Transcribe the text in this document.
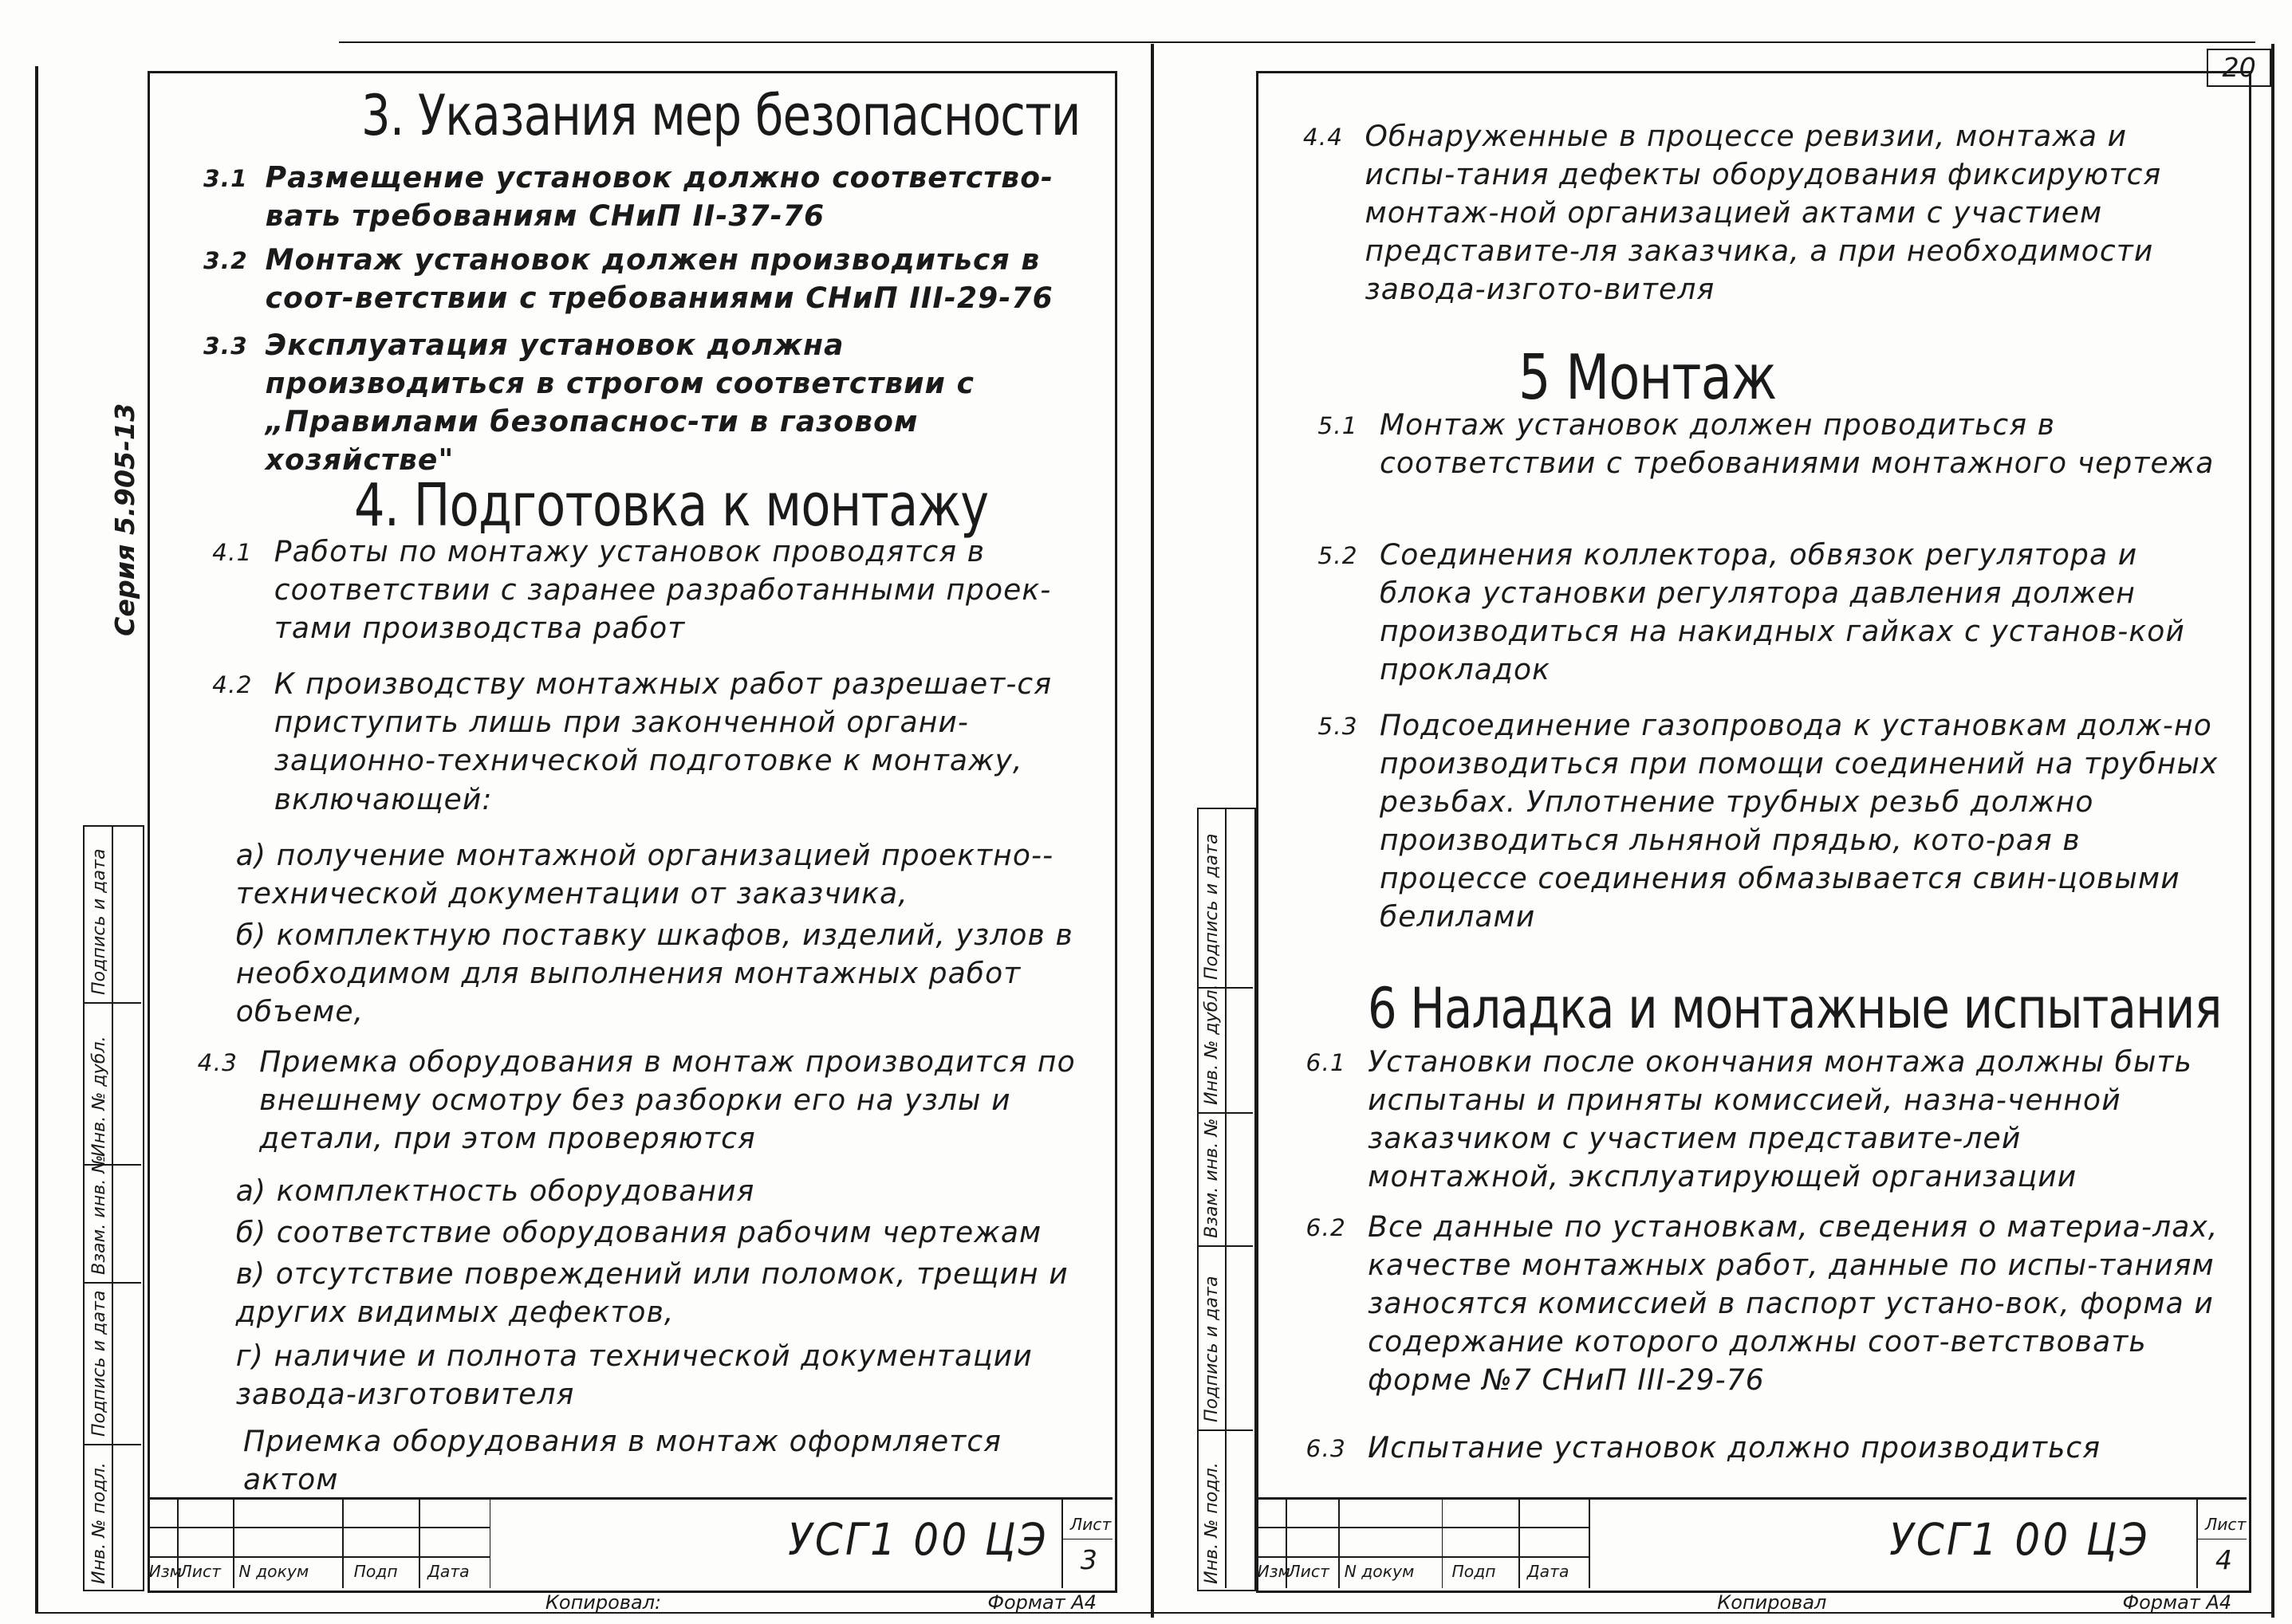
20
Инв. № подл.
Подпись и дата
Взам. инв. №
Инв. № дубл.
Подпись и дата
Серия 5.905-13
3. Указания мер безопасности
3.1 Размещение установок должно соответство-вать требованиям СНиП II-37-76
3.2 Монтаж установок должен производиться в соот-ветствии с требованиями СНиП III-29-76
3.3 Эксплуатация установок должна производиться в строгом соответствии с „Правилами безопаснос-ти в газовом хозяйстве"
4. Подготовка к монтажу
4.1 Работы по монтажу установок проводятся в соответствии с заранее разработанными проек-тами производства работ
4.2 К производству монтажных работ разрешает-ся приступить лишь при законченной органи-зационно-технической подготовке к монтажу, включающей:
а) получение монтажной организацией проектно--технической документации от заказчика,
б) комплектную поставку шкафов, изделий, узлов в необходимом для выполнения монтажных работ объеме,
4.3 Приемка оборудования в монтаж производится по внешнему осмотру без разборки его на узлы и детали, при этом проверяются
а) комплектность оборудования
б) соответствие оборудования рабочим чертежам
в) отсутствие повреждений или поломок, трещин и других видимых дефектов,
г) наличие и полнота технической документации завода-изготовителя
Приемка оборудования в монтаж оформляется актом
Изм
Лист N докум	Подп	Дата
УСГ1 00 ЦЭ Лист
3
Копировал:	Формат А4
Инв. № подл.
Подпись и дата
Взам. инв. №
Инв. № дубл.
Подпись и дата
4.4 Обнаруженные в процессе ревизии, монтажа и испы-тания дефекты оборудования фиксируются монтаж-ной организацией актами с участием представите-ля заказчика, а при необходимости завода-изгото-вителя
5 Монтаж
5.1 Монтаж установок должен проводиться в соответствии с требованиями монтажного чертежа
5.2 Соединения коллектора, обвязок регулятора и блока установки регулятора давления должен производиться на накидных гайках с установ-кой прокладок
5.3 Подсоединение газопровода к установкам долж-но производиться при помощи соединений на трубных резьбах. Уплотнение трубных резьб должно производиться льняной прядью, кото-рая в процессе соединения обмазывается свин-цовыми белилами
6 Наладка и монтажные испытания
6.1 Установки после окончания монтажа должны быть испытаны и приняты комиссией, назна-ченной заказчиком с участием представите-лей монтажной, эксплуатирующей организации
6.2 Все данные по установкам, сведения о материа-лах, качестве монтажных работ, данные по испы-таниям заносятся комиссией в паспорт устано-вок, форма и содержание которого должны соот-ветствовать форме №7 СНиП III-29-76
6.3 Испытание установок должно производиться
Изм
Лист N докум	Подп	Дата
УСГ1 00 ЦЭ	Лист
4
Копировал	Формат А4
